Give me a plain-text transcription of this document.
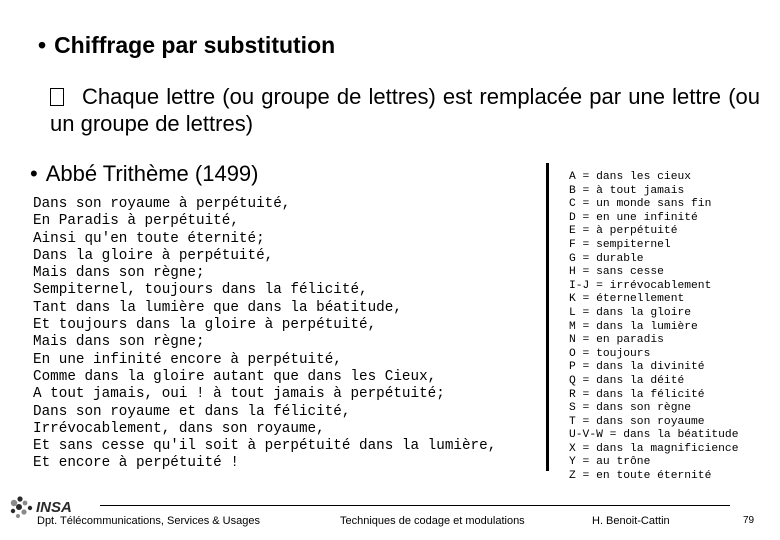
• Chiffrage par substitution
Chaque lettre (ou groupe de lettres) est remplacée par une lettre (ou un groupe de lettres)
• Abbé Trithème (1499)
Dans son royaume à perpétuité,
En Paradis à perpétuité,
Ainsi qu'en toute éternité;
Dans la gloire à perpétuité,
Mais dans son règne;
Sempiternel, toujours dans la félicité,
Tant dans la lumière que dans la béatitude,
Et toujours dans la gloire à perpétuité,
Mais dans son règne;
En une infinité encore à perpétuité,
Comme dans la gloire autant que dans les Cieux,
A tout jamais, oui ! à tout jamais à perpétuité;
Dans son royaume et dans la félicité,
Irrévocablement, dans son royaume,
Et sans cesse qu'il soit à perpétuité dans la lumière,
Et encore à perpétuité !
A = dans les cieux
B = à tout jamais
C = un monde sans fin
D = en une infinité
E = à perpétuité
F = sempiternel
G = durable
H = sans cesse
I-J = irrévocablement
K = éternellement
L = dans la gloire
M = dans la lumière
N = en paradis
O = toujours
P = dans la divinité
Q = dans la déité
R = dans la félicité
S = dans son règne
T = dans son royaume
U-V-W = dans la béatitude
X = dans la magnificience
Y = au trône
Z = en toute éternité
INSA
Dpt. Télécommunications, Services & Usages	Techniques de codage et modulations	H. Benoit-Cattin	79
